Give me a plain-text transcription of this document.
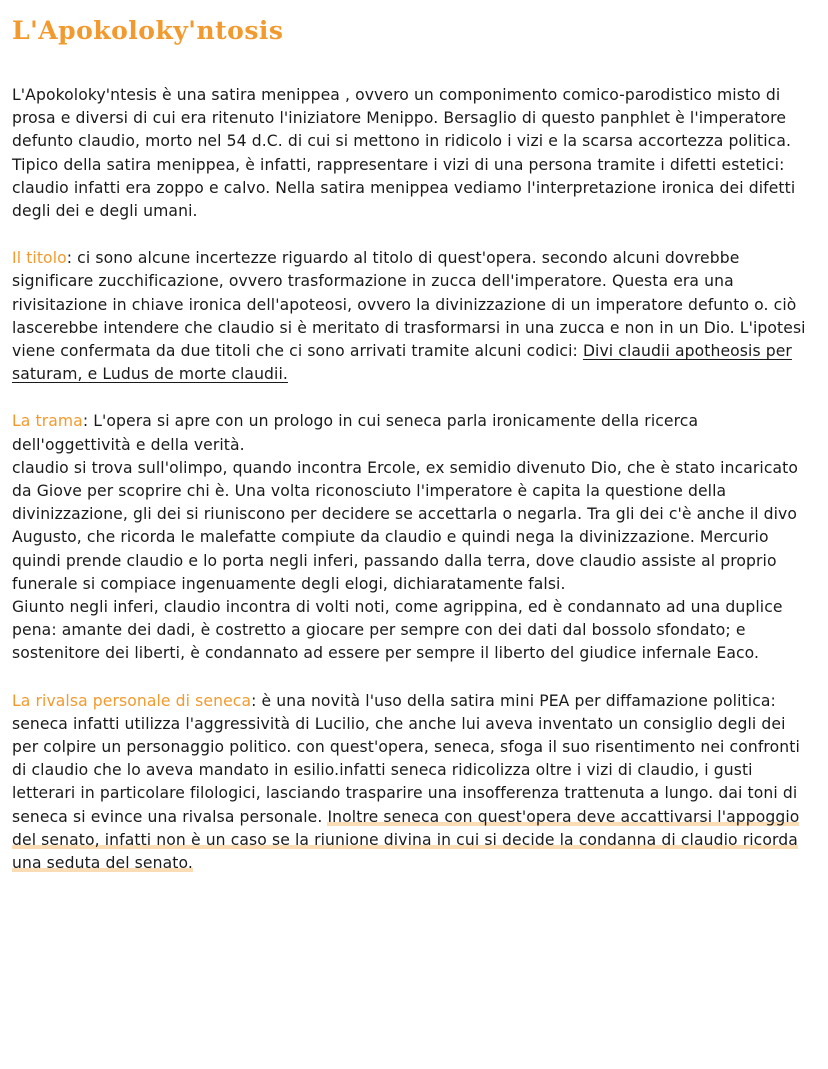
L'Apokoloky'ntosis

L'Apokoloky'ntesis è una satira menippea , ovvero un componimento comico-parodistico misto di prosa e diversi di cui era ritenuto l'iniziatore Menippo. Bersaglio di questo panphlet è l'imperatore defunto claudio, morto nel 54 d.C. di cui si mettono in ridicolo i vizi e la scarsa accortezza politica. Tipico della satira menippea, è infatti, rappresentare i vizi di una persona tramite i difetti estetici: claudio infatti era zoppo e calvo. Nella satira menippea vediamo l'interpretazione ironica dei difetti degli dei e degli umani.

Il titolo: ci sono alcune incertezze riguardo al titolo di quest'opera. secondo alcuni dovrebbe significare zucchificazione, ovvero trasformazione in zucca dell'imperatore. Questa era una rivisitazione in chiave ironica dell'apoteosi, ovvero la divinizzazione di un imperatore defunto o. ciò lascerebbe intendere che claudio si è meritato di trasformarsi in una zucca e non in un Dio. L'ipotesi viene confermata da due titoli che ci sono arrivati tramite alcuni codici: Divi claudii apotheosis per saturam, e Ludus de morte claudii.

La trama: L'opera si apre con un prologo in cui seneca parla ironicamente della ricerca dell'oggettività e della verità.
claudio si trova sull'olimpo, quando incontra Ercole, ex semidio divenuto Dio, che è stato incaricato da Giove per scoprire chi è. Una volta riconosciuto l'imperatore è capita la questione della divinizzazione, gli dei si riuniscono per decidere se accettarla o negarla. Tra gli dei c'è anche il divo Augusto, che ricorda le malefatte compiute da claudio e quindi nega la divinizzazione. Mercurio quindi prende claudio e lo porta negli inferi, passando dalla terra, dove claudio assiste al proprio funerale si compiace ingenuamente degli elogi, dichiaratamente falsi.
Giunto negli inferi, claudio incontra di volti noti, come agrippina, ed è condannato ad una duplice pena: amante dei dadi, è costretto a giocare per sempre con dei dati dal bossolo sfondato; e sostenitore dei liberti, è condannato ad essere per sempre il liberto del giudice infernale Eaco.

La rivalsa personale di seneca: è una novità l'uso della satira mini PEA per diffamazione politica: seneca infatti utilizza l'aggressività di Lucilio, che anche lui aveva inventato un consiglio degli dei per colpire un personaggio politico. con quest'opera, seneca, sfoga il suo risentimento nei confronti di claudio che lo aveva mandato in esilio.infatti seneca ridicolizza oltre i vizi di claudio, i gusti letterari in particolare filologici, lasciando trasparire una insofferenza trattenuta a lungo. dai toni di seneca si evince una rivalsa personale. Inoltre seneca con quest'opera deve accattivarsi l'appoggio del senato, infatti non è un caso se la riunione divina in cui si decide la condanna di claudio ricorda una seduta del senato.
